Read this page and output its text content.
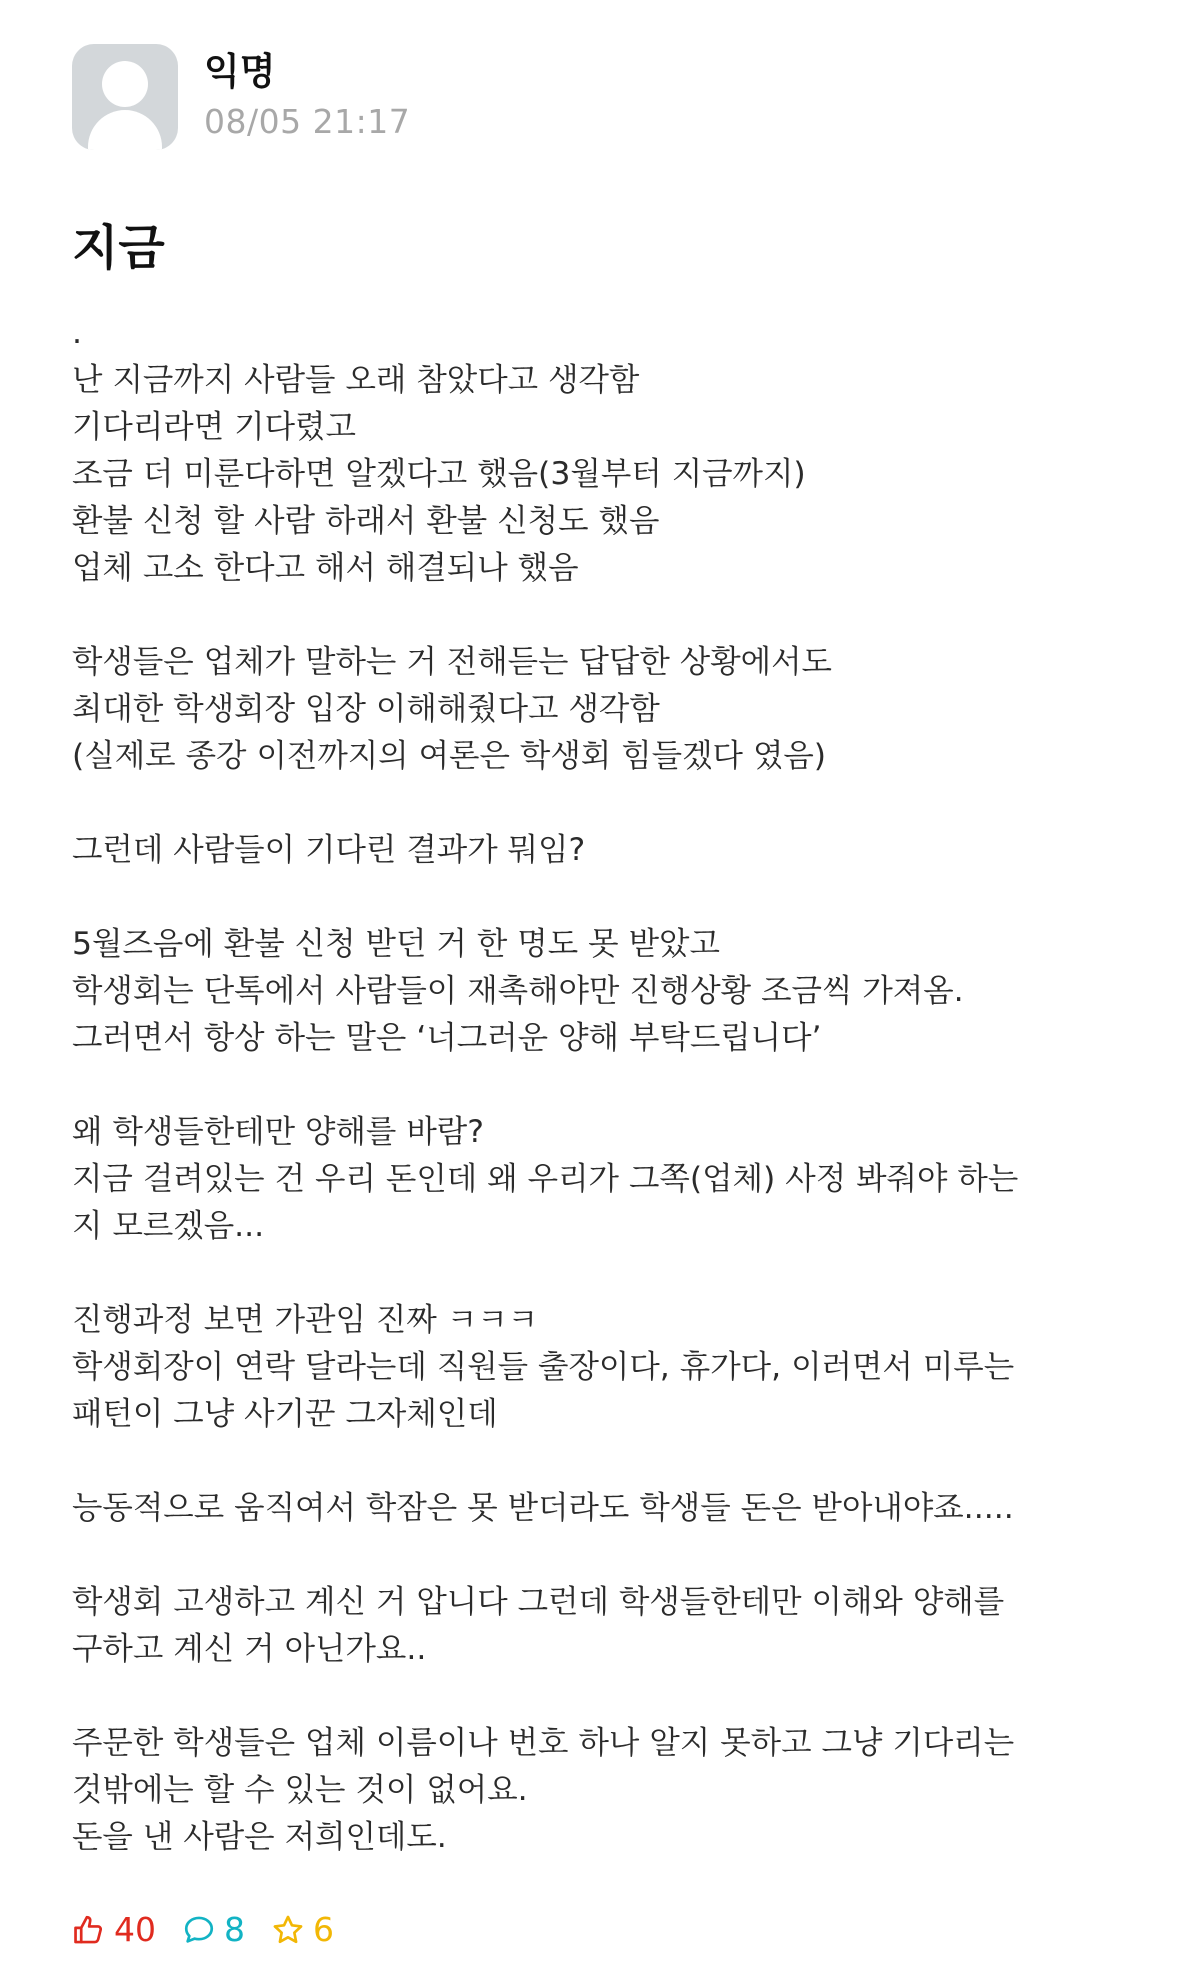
익명
08/05 21:17
지금
.
난 지금까지 사람들 오래 참았다고 생각함
기다리라면 기다렸고
조금 더 미룬다하면 알겠다고 했음(3월부터 지금까지)
환불 신청 할 사람 하래서 환불 신청도 했음
업체 고소 한다고 해서 해결되나 했음

학생들은 업체가 말하는 거 전해듣는 답답한 상황에서도
최대한 학생회장 입장 이해해줬다고 생각함
(실제로 종강 이전까지의 여론은 학생회 힘들겠다 였음)

그런데 사람들이 기다린 결과가 뭐임?

5월즈음에 환불 신청 받던 거 한 명도 못 받았고
학생회는 단톡에서 사람들이 재촉해야만 진행상황 조금씩 가져옴.
그러면서 항상 하는 말은 ‘너그러운 양해 부탁드립니다’

왜 학생들한테만 양해를 바람?
지금 걸려있는 건 우리 돈인데 왜 우리가 그쪽(업체) 사정 봐줘야 하는
지 모르겠음...

진행과정 보면 가관임 진짜 ㅋㅋㅋ
학생회장이 연락 달라는데 직원들 출장이다, 휴가다, 이러면서 미루는
패턴이 그냥 사기꾼 그자체인데

능동적으로 움직여서 학잠은 못 받더라도 학생들 돈은 받아내야죠.....

학생회 고생하고 계신 거 압니다 그런데 학생들한테만 이해와 양해를
구하고 계신 거 아닌가요..

주문한 학생들은 업체 이름이나 번호 하나 알지 못하고 그냥 기다리는
것밖에는 할 수 있는 것이 없어요.
돈을 낸 사람은 저희인데도.
40 8 6
